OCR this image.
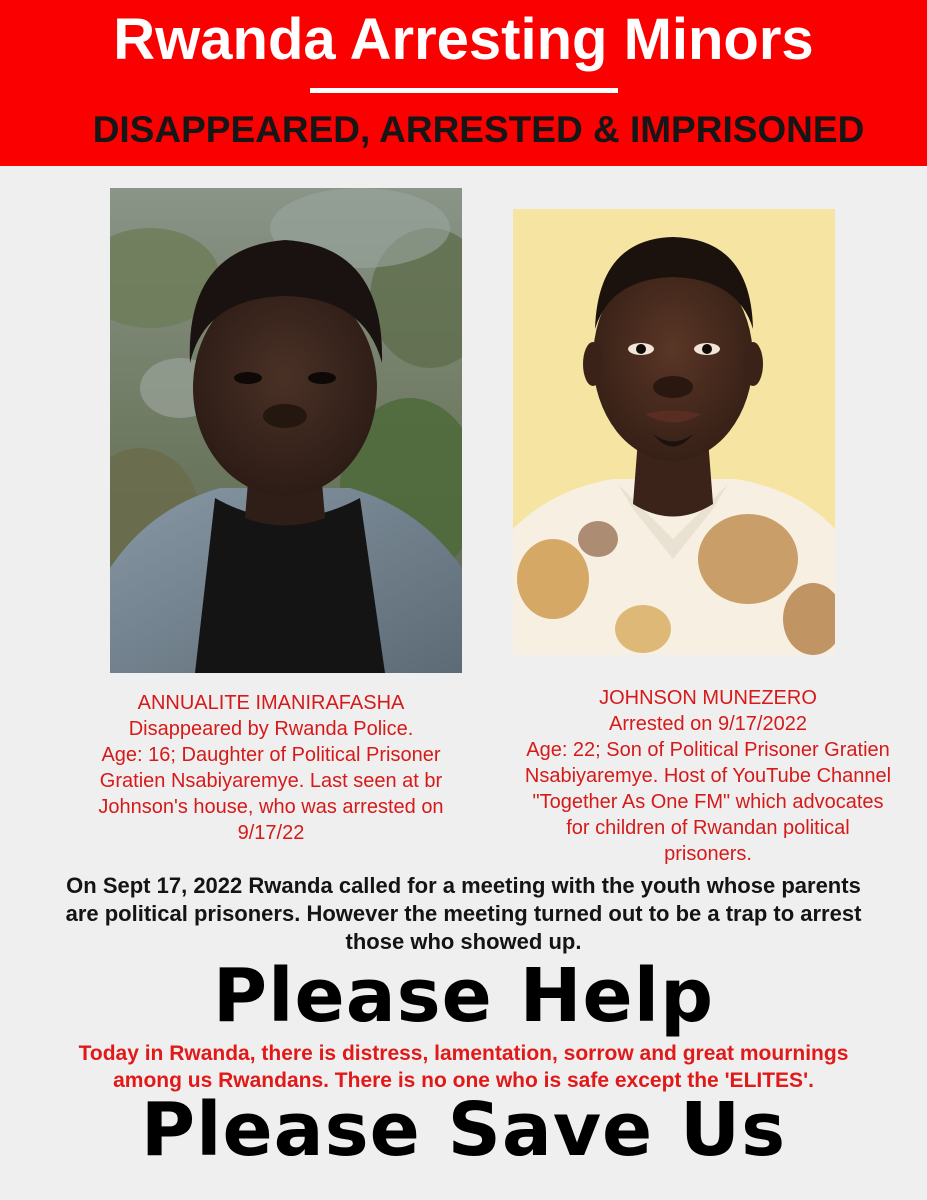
Rwanda Arresting Minors
DISAPPEARED, ARRESTED & IMPRISONED
ANNUALITE IMANIRAFASHA
Disappeared by Rwanda Police.
Age: 16; Daughter of Political Prisoner
Gratien Nsabiyaremye. Last seen at br
Johnson's house, who was arrested on
9/17/22
JOHNSON MUNEZERO
Arrested on 9/17/2022
Age: 22; Son of Political Prisoner Gratien
Nsabiyaremye. Host of YouTube Channel
"Together As One FM" which advocates
for children of Rwandan political
prisoners.
On Sept 17, 2022 Rwanda called for a meeting with the youth whose parents
are political prisoners. However the meeting turned out to be a trap to arrest
those who showed up.
Please Help
Today in Rwanda, there is distress, lamentation, sorrow and great mournings
among us Rwandans. There is no one who is safe except the 'ELITES'.
Please Save Us
